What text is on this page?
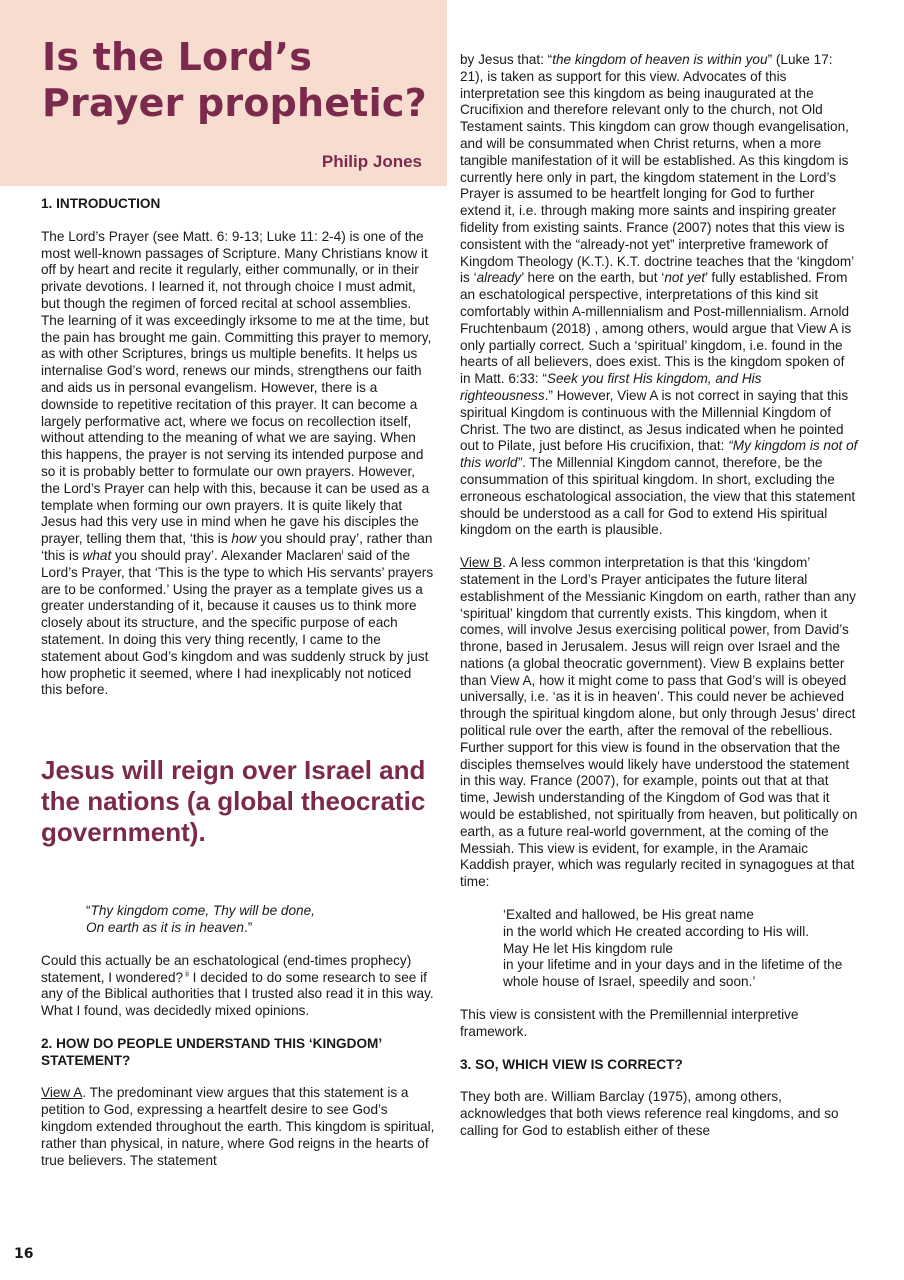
Is the Lord’s
Prayer prophetic?
Philip Jones

1. INTRODUCTION

The Lord’s Prayer (see Matt. 6: 9-13; Luke 11: 2-4) is one of the most well-known passages of Scripture. Many Christians know it off by heart and recite it regularly, either communally, or in their private devotions. I learned it, not through choice I must admit, but though the regimen of forced recital at school assemblies. The learning of it was exceedingly irksome to me at the time, but the pain has brought me gain. Committing this prayer to memory, as with other Scriptures, brings us multiple benefits. It helps us internalise God’s word, renews our minds, strengthens our faith and aids us in personal evangelism. However, there is a downside to repetitive recitation of this prayer. It can become a largely performative act, where we focus on recollection itself, without attending to the meaning of what we are saying. When this happens, the prayer is not serving its intended purpose and so it is probably better to formulate our own prayers. However, the Lord’s Prayer can help with this, because it can be used as a template when forming our own prayers. It is quite likely that Jesus had this very use in mind when he gave his disciples the prayer, telling them that, ‘this is how you should pray’, rather than ‘this is what you should pray’. Alexander Maclaren$^i$ said of the Lord’s Prayer, that ‘This is the type to which His servants’ prayers are to be conformed.’ Using the prayer as a template gives us a greater understanding of it, because it causes us to think more closely about its structure, and the specific purpose of each statement. In doing this very thing recently, I came to the statement about God’s kingdom and was suddenly struck by just how prophetic it seemed, where I had inexplicably not noticed this before.

Jesus will reign over Israel and the nations (a global theocratic government).

“Thy kingdom come, Thy will be done,
On earth as it is in heaven.”

Could this actually be an eschatological (end-times prophecy) statement, I wondered? $^{ii}$ I decided to do some research to see if any of the Biblical authorities that I trusted also read it in this way. What I found, was decidedly mixed opinions.

2. HOW DO PEOPLE UNDERSTAND THIS ‘KINGDOM’ STATEMENT?

View A. The predominant view argues that this statement is a petition to God, expressing a heartfelt desire to see God’s kingdom extended throughout the earth. This kingdom is spiritual, rather than physical, in nature, where God reigns in the hearts of true believers. The statement

by Jesus that: “the kingdom of heaven is within you” (Luke 17: 21), is taken as support for this view. Advocates of this interpretation see this kingdom as being inaugurated at the Crucifixion and therefore relevant only to the church, not Old Testament saints. This kingdom can grow though evangelisation, and will be consummated when Christ returns, when a more tangible manifestation of it will be established. As this kingdom is currently here only in part, the kingdom statement in the Lord’s Prayer is assumed to be heartfelt longing for God to further extend it, i.e. through making more saints and inspiring greater fidelity from existing saints. France (2007) notes that this view is consistent with the “already-not yet” interpretive framework of Kingdom Theology (K.T.). K.T. doctrine teaches that the ‘kingdom’ is ‘already’ here on the earth, but ‘not yet’ fully established. From an eschatological perspective, interpretations of this kind sit comfortably within A-millennialism and Post-millennialism. Arnold Fruchtenbaum (2018) , among others, would argue that View A is only partially correct. Such a ‘spiritual’ kingdom, i.e. found in the hearts of all believers, does exist. This is the kingdom spoken of in Matt. 6:33: “Seek you first His kingdom, and His righteousness.” However, View A is not correct in saying that this spiritual Kingdom is continuous with the Millennial Kingdom of Christ. The two are distinct, as Jesus indicated when he pointed out to Pilate, just before His crucifixion, that: “My kingdom is not of this world”. The Millennial Kingdom cannot, therefore, be the consummation of this spiritual kingdom. In short, excluding the erroneous eschatological association, the view that this statement should be understood as a call for God to extend His spiritual kingdom on the earth is plausible.

View B. A less common interpretation is that this ‘kingdom’ statement in the Lord’s Prayer anticipates the future literal establishment of the Messianic Kingdom on earth, rather than any ‘spiritual’ kingdom that currently exists. This kingdom, when it comes, will involve Jesus exercising political power, from David’s throne, based in Jerusalem. Jesus will reign over Israel and the nations (a global theocratic government). View B explains better than View A, how it might come to pass that God’s will is obeyed universally, i.e. ‘as it is in heaven’. This could never be achieved through the spiritual kingdom alone, but only through Jesus’ direct political rule over the earth, after the removal of the rebellious. Further support for this view is found in the observation that the disciples themselves would likely have understood the statement in this way. France (2007), for example, points out that at that time, Jewish understanding of the Kingdom of God was that it would be established, not spiritually from heaven, but politically on earth, as a future real-world government, at the coming of the Messiah. This view is evident, for example, in the Aramaic Kaddish prayer, which was regularly recited in synagogues at that time:

‘Exalted and hallowed, be His great name

in the world which He created according to His will.

May He let His kingdom rule

in your lifetime and in your days and in the lifetime of the whole house of Israel, speedily and soon.’

This view is consistent with the Premillennial interpretive framework.

3. SO, WHICH VIEW IS CORRECT?

They both are. William Barclay (1975), among others, acknowledges that both views reference real kingdoms, and so calling for God to establish either of these

16
